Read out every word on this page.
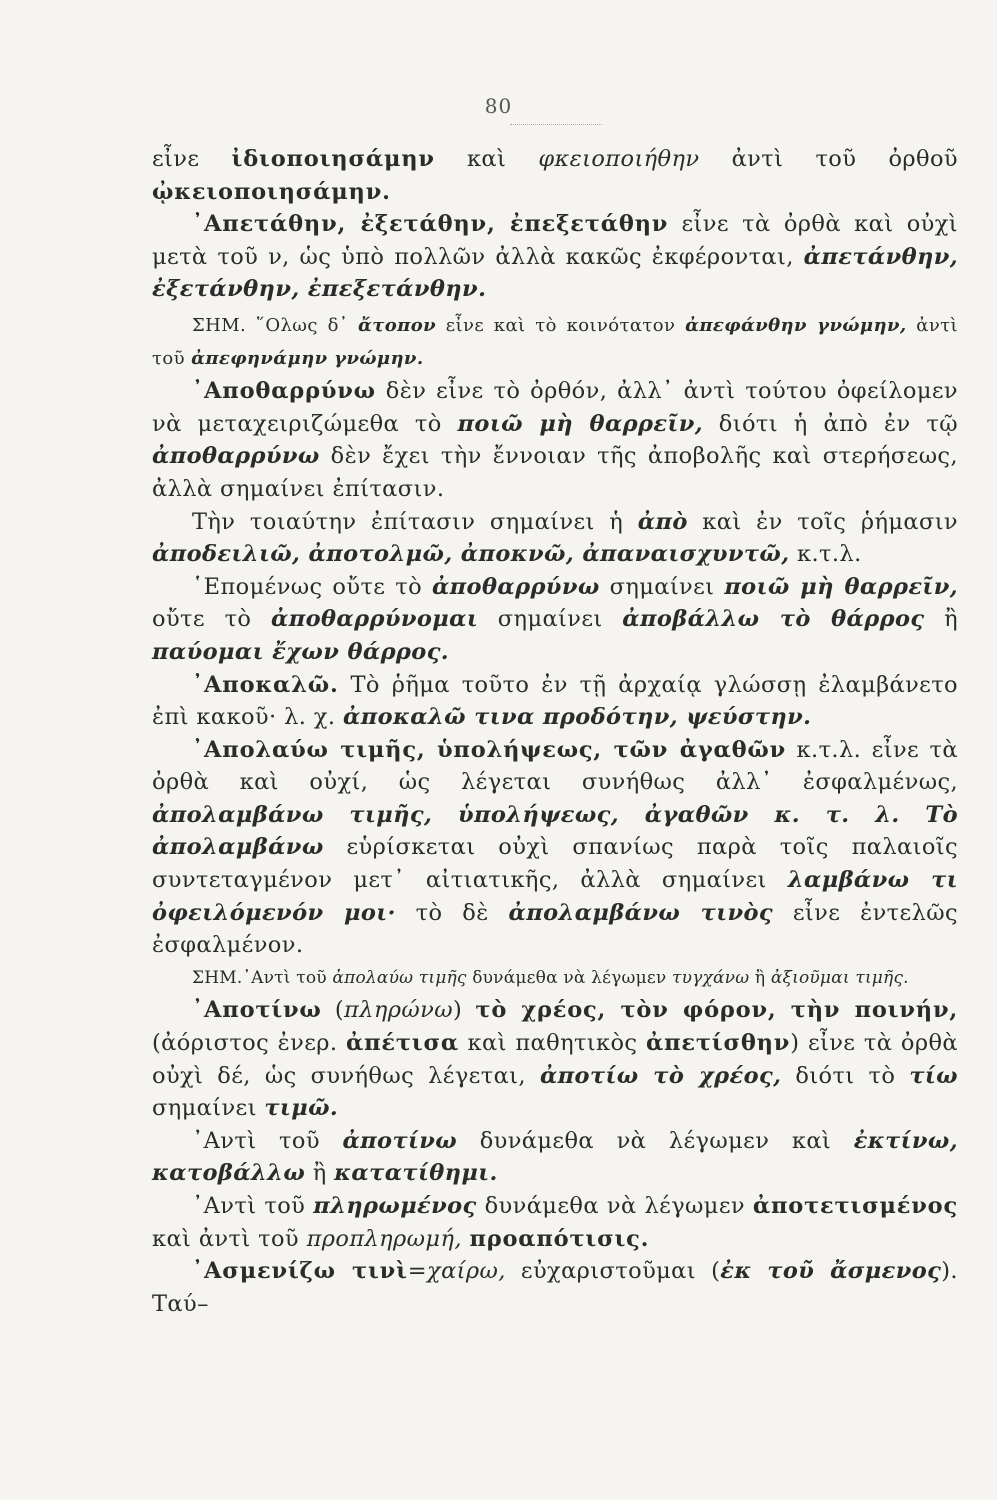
80

εἶνε ἰδιοποιησάμην καὶ φκειοποιήθην ἀντὶ τοῦ ὀρθοῦ ᾠκειοποιησάμην.

᾿Απετάθην, ἐξετάθην, ἐπεξετάθην εἶνε τὰ ὀρθὰ καὶ οὐχὶ μετὰ τοῦ ν, ὡς ὑπὸ πολλῶν ἀλλὰ κακῶς ἐκφέρονται, ἀπετάνθην, ἐξετάνθην, ἐπεξετάνθην.

ΣΗΜ. ῞Ολως δ᾿ ἄτοπον εἶνε καὶ τὸ κοινότατον ἀπεφάνθην γνώμην, ἀντὶ τοῦ ἀπεφηνάμην γνώμην.

᾿Αποθαρρύνω δὲν εἶνε τὸ ὀρθόν, ἀλλ᾿ ἀντὶ τούτου ὀφείλομεν νὰ μεταχειριζώμεθα τὸ ποιῶ μὴ θαρρεῖν, διότι ἡ ἀπὸ ἐν τῷ ἀποθαρρύνω δὲν ἔχει τὴν ἔννοιαν τῆς ἀποβολῆς καὶ στερήσεως, ἀλλὰ σημαίνει ἐπίτασιν.

Τὴν τοιαύτην ἐπίτασιν σημαίνει ἡ ἀπὸ καὶ ἐν τοῖς ῥήμασιν ἀποδειλιῶ, ἀποτολμῶ, ἀποκνῶ, ἀπαναισχυντῶ, κ.τ.λ.

῾Επομένως οὔτε τὸ ἀποθαρρύνω σημαίνει ποιῶ μὴ θαρρεῖν, οὔτε τὸ ἀποθαρρύνομαι σημαίνει ἀποβάλλω τὸ θάρρος ἢ παύομαι ἔχων θάρρος.

᾿Αποκαλῶ. Τὸ ῥῆμα τοῦτο ἐν τῇ ἀρχαίᾳ γλώσσῃ ἐλαμβάνετο ἐπὶ κακοῦ· λ. χ. ἀποκαλῶ τινα προδότην, ψεύστην.

᾿Απολαύω τιμῆς, ὑπολήψεως, τῶν ἀγαθῶν κ.τ.λ. εἶνε τὰ ὀρθὰ καὶ οὐχί, ὡς λέγεται συνήθως ἀλλ᾿ ἐσφαλμένως, ἀπολαμβάνω τιμῆς, ὑπολήψεως, ἀγαθῶν κ. τ. λ. Τὸ ἀπολαμβάνω εὑρίσκεται οὐχὶ σπανίως παρὰ τοῖς παλαιοῖς συντεταγμένον μετ᾿ αἰτιατικῆς, ἀλλὰ σημαίνει λαμβάνω τι ὀφειλόμενόν μοι· τὸ δὲ ἀπολαμβάνω τινὸς εἶνε ἐντελῶς ἐσφαλμένον.

ΣΗΜ.᾿Αντὶ τοῦ ἀπολαύω τιμῆς δυνάμεθα νὰ λέγωμεν τυγχάνω ἢ ἀξιοῦμαι τιμῆς.

᾿Αποτίνω (πληρώνω) τὸ χρέος, τὸν φόρον, τὴν ποινήν, (ἀόριστος ἐνερ. ἀπέτισα καὶ παθητικὸς ἀπετίσθην) εἶνε τὰ ὀρθὰ οὐχὶ δέ, ὡς συνήθως λέγεται, ἀποτίω τὸ χρέος, διότι τὸ τίω σημαίνει τιμῶ.

᾿Αντὶ τοῦ ἀποτίνω δυνάμεθα νὰ λέγωμεν καὶ ἐκτίνω, κατοβάλλω ἢ κατατίθημι.

᾿Αντὶ τοῦ πληρωμένος δυνάμεθα νὰ λέγωμεν ἀποτετισμένος καὶ ἀντὶ τοῦ προπληρωμή, προαπότισις.

᾿Ασμενίζω τινὶ=χαίρω, εὐχαριστοῦμαι (ἐκ τοῦ ἄσμενος). Ταύ–
